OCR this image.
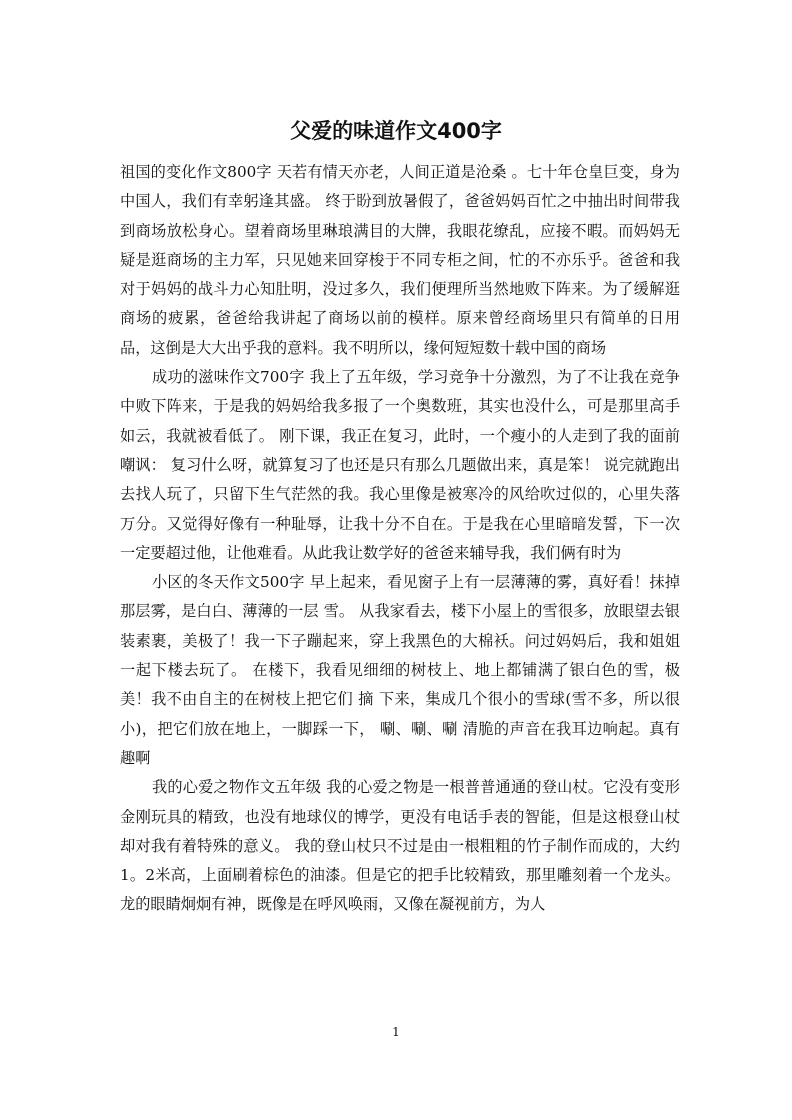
父爱的味道作文400字

祖国的变化作文800字 天若有情天亦老，人间正道是沧桑 。七十年仓皇巨变，身为中国人，我们有幸躬逢其盛。 终于盼到放暑假了，爸爸妈妈百忙之中抽出时间带我到商场放松身心。望着商场里琳琅满目的大牌，我眼花缭乱，应接不暇。而妈妈无疑是逛商场的主力军，只见她来回穿梭于不同专柜之间，忙的不亦乐乎。爸爸和我对于妈妈的战斗力心知肚明，没过多久，我们便理所当然地败下阵来。为了缓解逛商场的疲累，爸爸给我讲起了商场以前的模样。原来曾经商场里只有简单的日用品，这倒是大大出乎我的意料。我不明所以，缘何短短数十载中国的商场

成功的滋味作文700字 我上了五年级，学习竞争十分激烈，为了不让我在竞争中败下阵来，于是我的妈妈给我多报了一个奥数班，其实也没什么，可是那里高手如云，我就被看低了。 刚下课，我正在复习，此时，一个瘦小的人走到了我的面前嘲讽： 复习什么呀，就算复习了也还是只有那么几题做出来，真是笨！ 说完就跑出去找人玩了，只留下生气茫然的我。我心里像是被寒冷的风给吹过似的，心里失落万分。又觉得好像有一种耻辱，让我十分不自在。于是我在心里暗暗发誓，下一次一定要超过他，让他难看。从此我让数学好的爸爸来辅导我，我们俩有时为

小区的冬天作文500字 早上起来，看见窗子上有一层薄薄的雾，真好看！抹掉那层雾，是白白、薄薄的一层 雪。 从我家看去，楼下小屋上的雪很多，放眼望去银装素裹，美极了！我一下子蹦起来，穿上我黑色的大棉袄。问过妈妈后，我和姐姐一起下楼去玩了。 在楼下，我看见细细的树枝上、地上都铺满了银白色的雪，极美！我不由自主的在树枝上把它们 摘 下来，集成几个很小的雪球(雪不多，所以很小)，把它们放在地上，一脚踩一下， 唰、唰、唰 清脆的声音在我耳边响起。真有趣啊

我的心爱之物作文五年级 我的心爱之物是一根普普通通的登山杖。它没有变形金刚玩具的精致，也没有地球仪的博学，更没有电话手表的智能，但是这根登山杖却对我有着特殊的意义。 我的登山杖只不过是由一根粗粗的竹子制作而成的，大约1。2米高，上面刷着棕色的油漆。但是它的把手比较精致，那里雕刻着一个龙头。龙的眼睛炯炯有神，既像是在呼风唤雨，又像在凝视前方，为人

1
